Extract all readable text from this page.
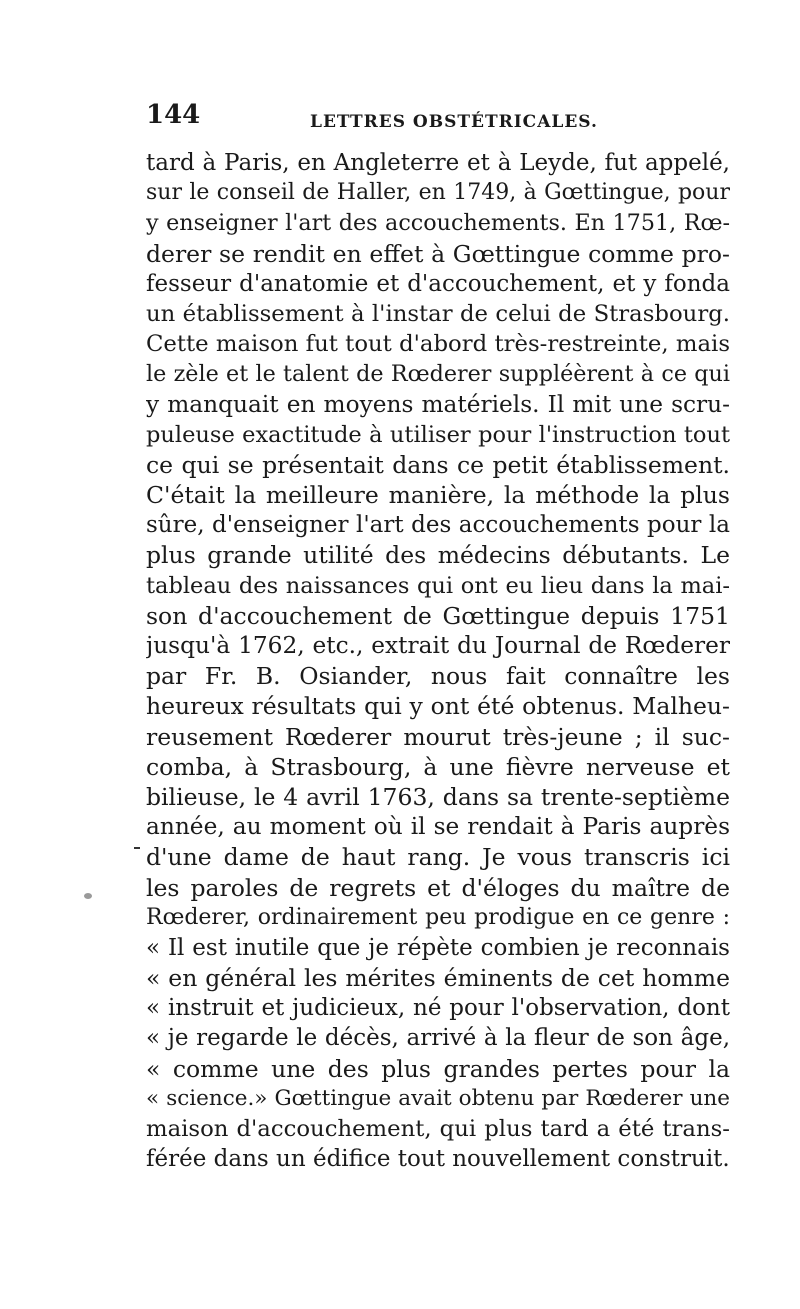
144	LETTRES OBSTÉTRICALES.
tard à Paris, en Angleterre et à Leyde, fut appelé,
sur le conseil de Haller, en 1749, à Gœttingue, pour
y enseigner l'art des accouchements. En 1751, Rœ-
derer se rendit en effet à Gœttingue comme pro-
fesseur d'anatomie et d'accouchement, et y fonda
un établissement à l'instar de celui de Strasbourg.
Cette maison fut tout d'abord très-restreinte, mais
le zèle et le talent de Rœderer suppléèrent à ce qui
y manquait en moyens matériels. Il mit une scru-
puleuse exactitude à utiliser pour l'instruction tout
ce qui se présentait dans ce petit établissement.
C'était la meilleure manière, la méthode la plus
sûre, d'enseigner l'art des accouchements pour la
plus grande utilité des médecins débutants. Le
tableau des naissances qui ont eu lieu dans la mai-
son d'accouchement de Gœttingue depuis 1751
jusqu'à 1762, etc., extrait du Journal de Rœderer
par Fr. B. Osiander, nous fait connaître les
heureux résultats qui y ont été obtenus. Malheu-
reusement Rœderer mourut très-jeune ; il suc-
comba, à Strasbourg, à une fièvre nerveuse et
bilieuse, le 4 avril 1763, dans sa trente-septième
année, au moment où il se rendait à Paris auprès
d'une dame de haut rang. Je vous transcris ici
les paroles de regrets et d'éloges du maître de
Rœderer, ordinairement peu prodigue en ce genre :
« Il est inutile que je répète combien je reconnais
« en général les mérites éminents de cet homme
« instruit et judicieux, né pour l'observation, dont
« je regarde le décès, arrivé à la fleur de son âge,
« comme une des plus grandes pertes pour la
« science.» Gœttingue avait obtenu par Rœderer une
maison d'accouchement, qui plus tard a été trans-
férée dans un édifice tout nouvellement construit.
